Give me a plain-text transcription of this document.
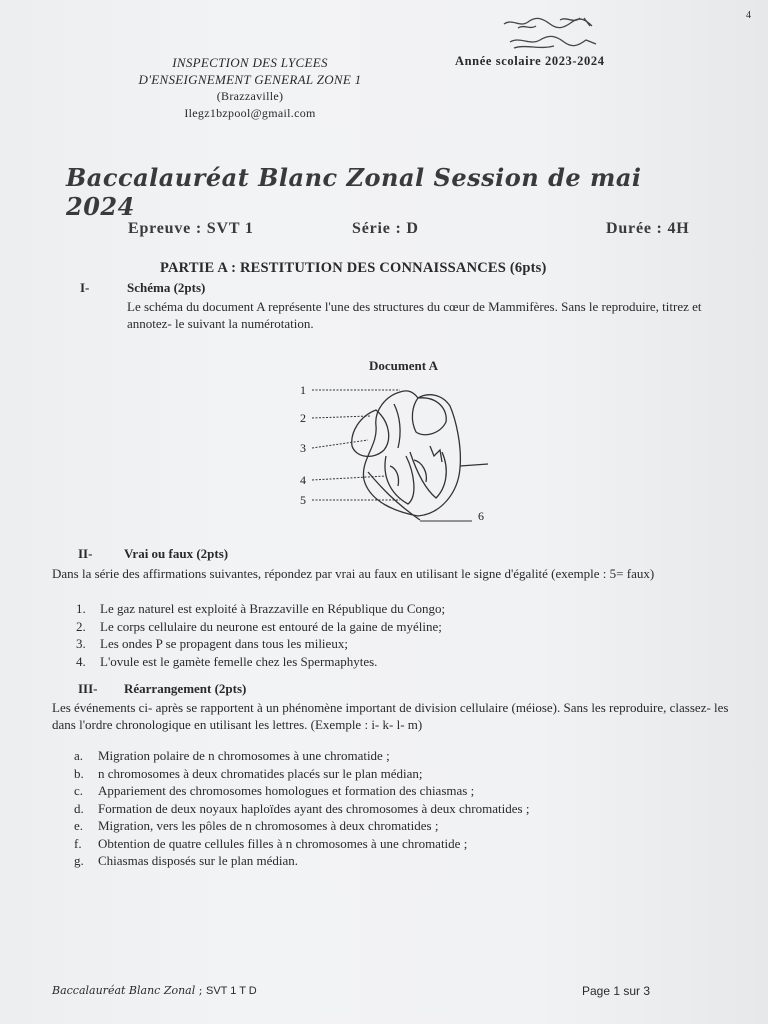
4
INSPECTION DES LYCEES
D'ENSEIGNEMENT GENERAL ZONE 1
(Brazzaville)
Ilegz1bzpool@gmail.com
Année scolaire 2023-2024
Baccalauréat Blanc Zonal Session de mai 2024
Epreuve : SVT 1	Série : D	Durée : 4H
PARTIE A : RESTITUTION DES CONNAISSANCES (6pts)
I-	Schéma (2pts)
Le schéma du document A représente l'une des structures du cœur de Mammifères. Sans le reproduire, titrez et annotez- le suivant la numérotation.
Document A
1
2
3
4
5
6
II- Vrai ou faux (2pts)
Dans la série des affirmations suivantes, répondez par vrai au faux en utilisant le signe d'égalité (exemple : 5= faux)
1. Le gaz naturel est exploité à Brazzaville en République du Congo;
2. Le corps cellulaire du neurone est entouré de la gaine de myéline;
3. Les ondes P se propagent dans tous les milieux;
4. L'ovule est le gamète femelle chez les Spermaphytes.
III- Réarrangement (2pts)
Les événements ci- après se rapportent à un phénomène important de division cellulaire (méiose). Sans les reproduire, classez- les dans l'ordre chronologique en utilisant les lettres. (Exemple : i- k- l- m)
a. Migration polaire de n chromosomes à une chromatide ;
b. n chromosomes à deux chromatides placés sur le plan médian;
c. Appariement des chromosomes homologues et formation des chiasmas ;
d. Formation de deux noyaux haploïdes ayant des chromosomes à deux chromatides ;
e. Migration, vers les pôles de n chromosomes à deux chromatides ;
f. Obtention de quatre cellules filles à n chromosomes à une chromatide ;
g. Chiasmas disposés sur le plan médian.
Baccalauréat Blanc Zonal ; SVT 1 T D	Page 1 sur 3
